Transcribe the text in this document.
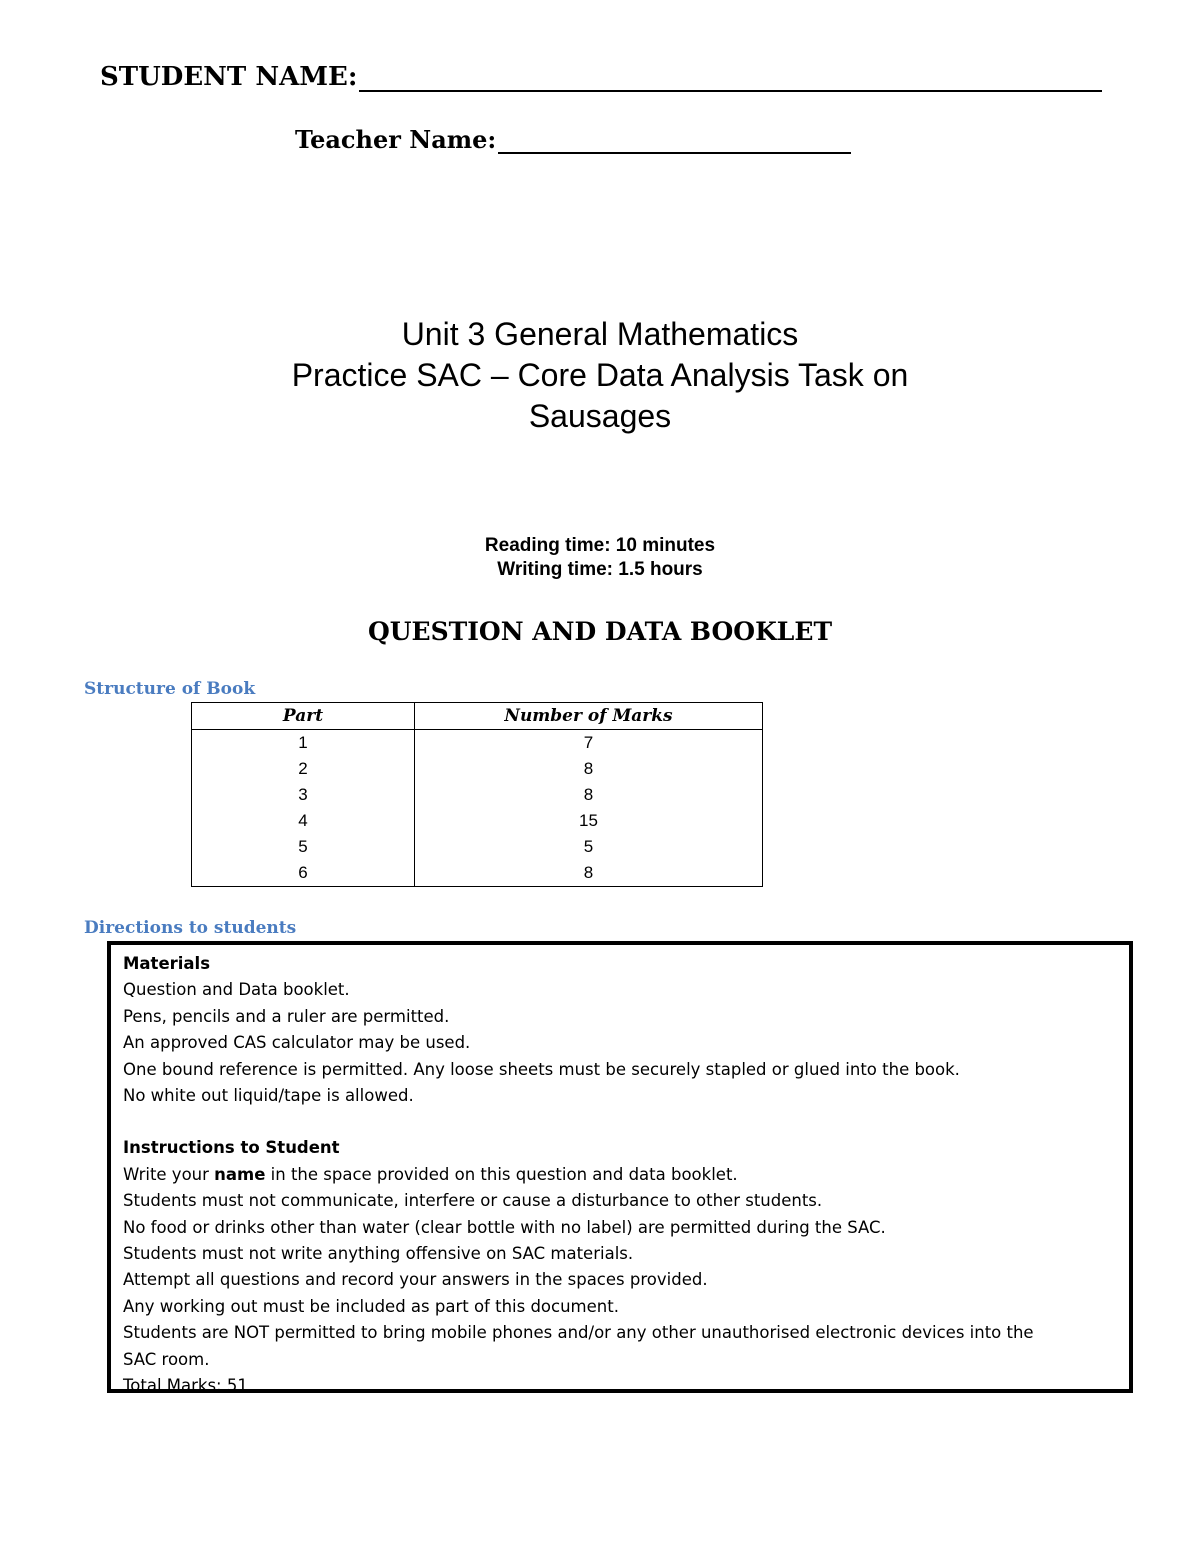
STUDENT NAME:
Teacher Name:
Unit 3 General Mathematics
Practice SAC – Core Data Analysis Task on
Sausages
Reading time: 10 minutes
Writing time: 1.5 hours
QUESTION AND DATA BOOKLET
Structure of Book
Part	Number of Marks
1	7
2	8
3	8
4	15
5	5
6	8
Directions to students
Materials
Question and Data booklet.
Pens, pencils and a ruler are permitted.
An approved CAS calculator may be used.
One bound reference is permitted. Any loose sheets must be securely stapled or glued into the book.
No white out liquid/tape is allowed.
Instructions to Student
Write your name in the space provided on this question and data booklet.
Students must not communicate, interfere or cause a disturbance to other students.
No food or drinks other than water (clear bottle with no label) are permitted during the SAC.
Students must not write anything offensive on SAC materials.
Attempt all questions and record your answers in the spaces provided.
Any working out must be included as part of this document.
Students are NOT permitted to bring mobile phones and/or any other unauthorised electronic devices into the
SAC room.
Total Marks: 51
